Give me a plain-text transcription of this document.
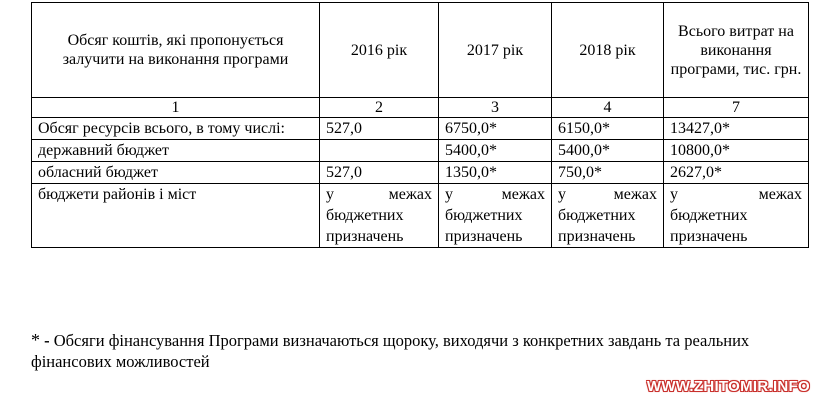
Обсяг коштів, які пропонується залучити на виконання програми	2016 рік	2017 рік	2018 рік	Всього витрат на виконання програми, тис. грн.
1	2	3	4	7
Обсяг ресурсів всього, в тому числі:	527,0	6750,0*	6150,0*	13427,0*
державний бюджет		5400,0*	5400,0*	10800,0*
обласний бюджет	527,0	1350,0*	750,0*	2627,0*
бюджети районів і міст	у межах бюджетних призначень	у межах бюджетних призначень	у межах бюджетних призначень	у межах бюджетних призначень
* - Обсяги фінансування Програми визначаються щороку, виходячи з конкретних завдань та реальних фінансових можливостей
WWW.ZHITOMIR.INFO
